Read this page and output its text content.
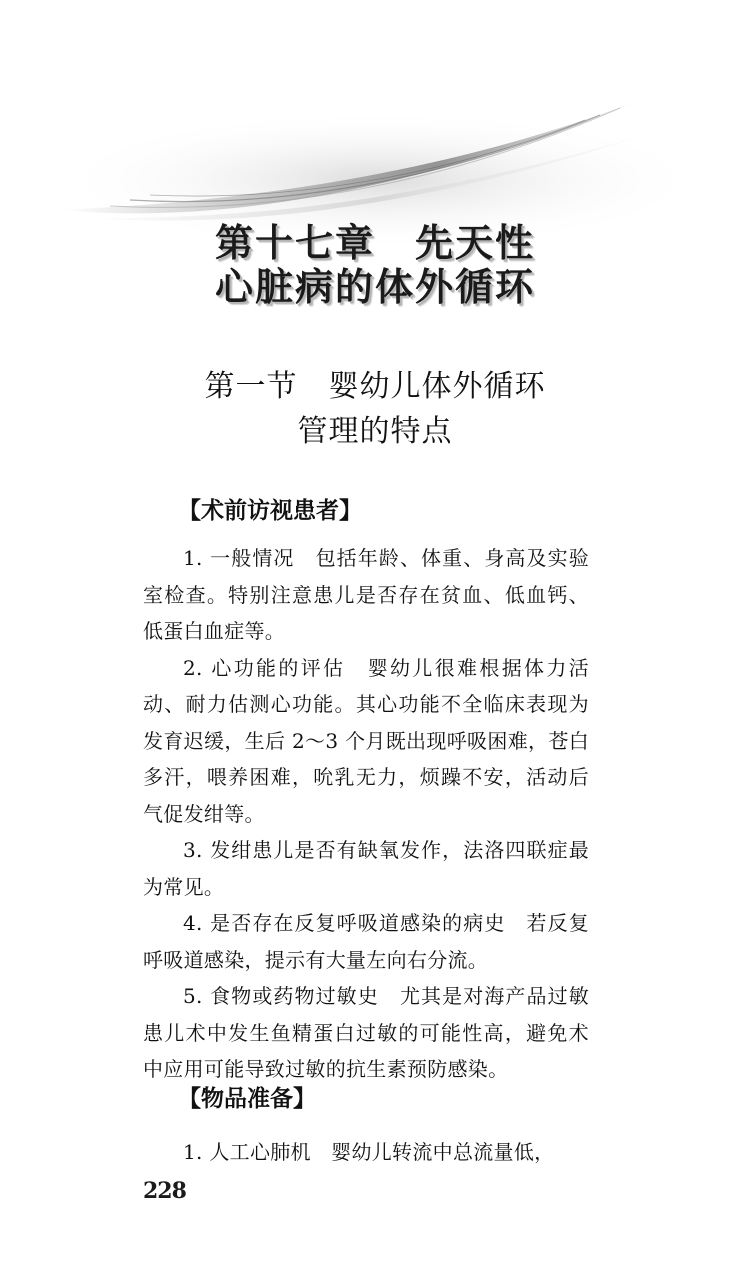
第十七章　先天性
心脏病的体外循环
第一节　婴幼儿体外循环
管理的特点
【术前访视患者】

1. 一般情况　包括年龄、体重、身高及实验室检查。特别注意患儿是否存在贫血、低血钙、低蛋白血症等。

2. 心功能的评估　婴幼儿很难根据体力活动、耐力估测心功能。其心功能不全临床表现为发育迟缓，生后 2～3 个月既出现呼吸困难，苍白多汗，喂养困难，吮乳无力，烦躁不安，活动后气促发绀等。

3. 发绀患儿是否有缺氧发作，法洛四联症最为常见。

4. 是否存在反复呼吸道感染的病史　若反复呼吸道感染，提示有大量左向右分流。

5. 食物或药物过敏史　尤其是对海产品过敏患儿术中发生鱼精蛋白过敏的可能性高，避免术中应用可能导致过敏的抗生素预防感染。

【物品准备】

1. 人工心肺机　婴幼儿转流中总流量低，

228
